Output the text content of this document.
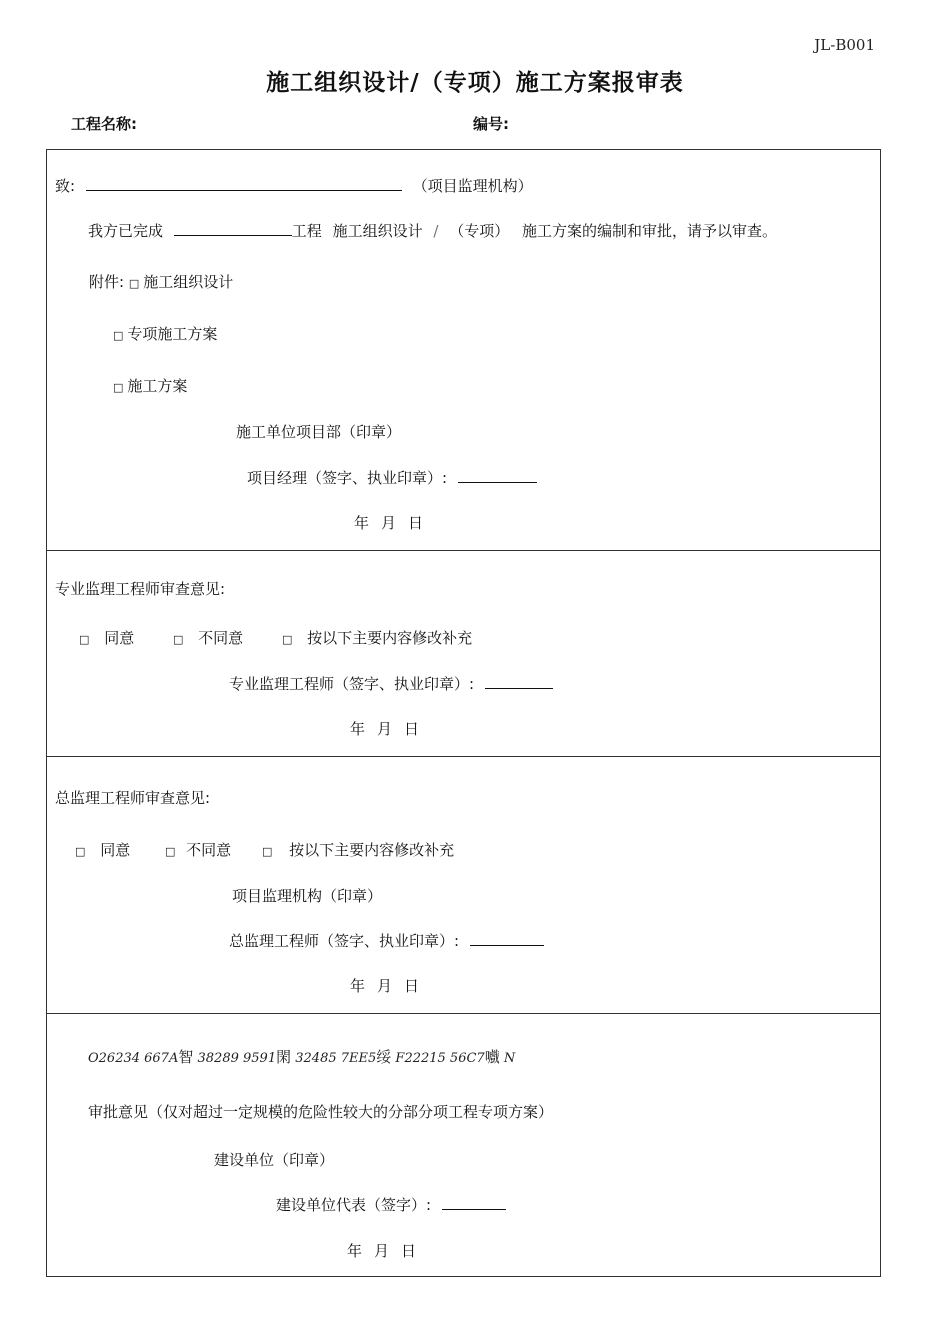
JL-B001
施工组织设计/（专项）施工方案报审表
工程名称:	编号:
致:	（项目监理机构）
我方已完成	工程 施工组织设计 / （专项） 施工方案的编制和审批，请予以审查。
附件: □ 施工组织设计
□ 专项施工方案
□ 施工方案
施工单位项目部（印章）
项目经理（签字、执业印章）:
年 月 日
专业监理工程师审查意见:
□ 同意	□ 不同意	□ 按以下主要内容修改补充
专业监理工程师（签字、执业印章）:
年 月 日
总监理工程师审查意见:
□ 同意	□ 不同意	□ 按以下主要内容修改补充
项目监理机构（印章）
总监理工程师（签字、执业印章）:
年 月 日
O26234 667A智 38289 9591閑 32485 7EE5绥 F22215 56C7嚱 N
审批意见（仅对超过一定规模的危险性较大的分部分项工程专项方案）
建设单位（印章）
建设单位代表（签字）:
年 月 日
